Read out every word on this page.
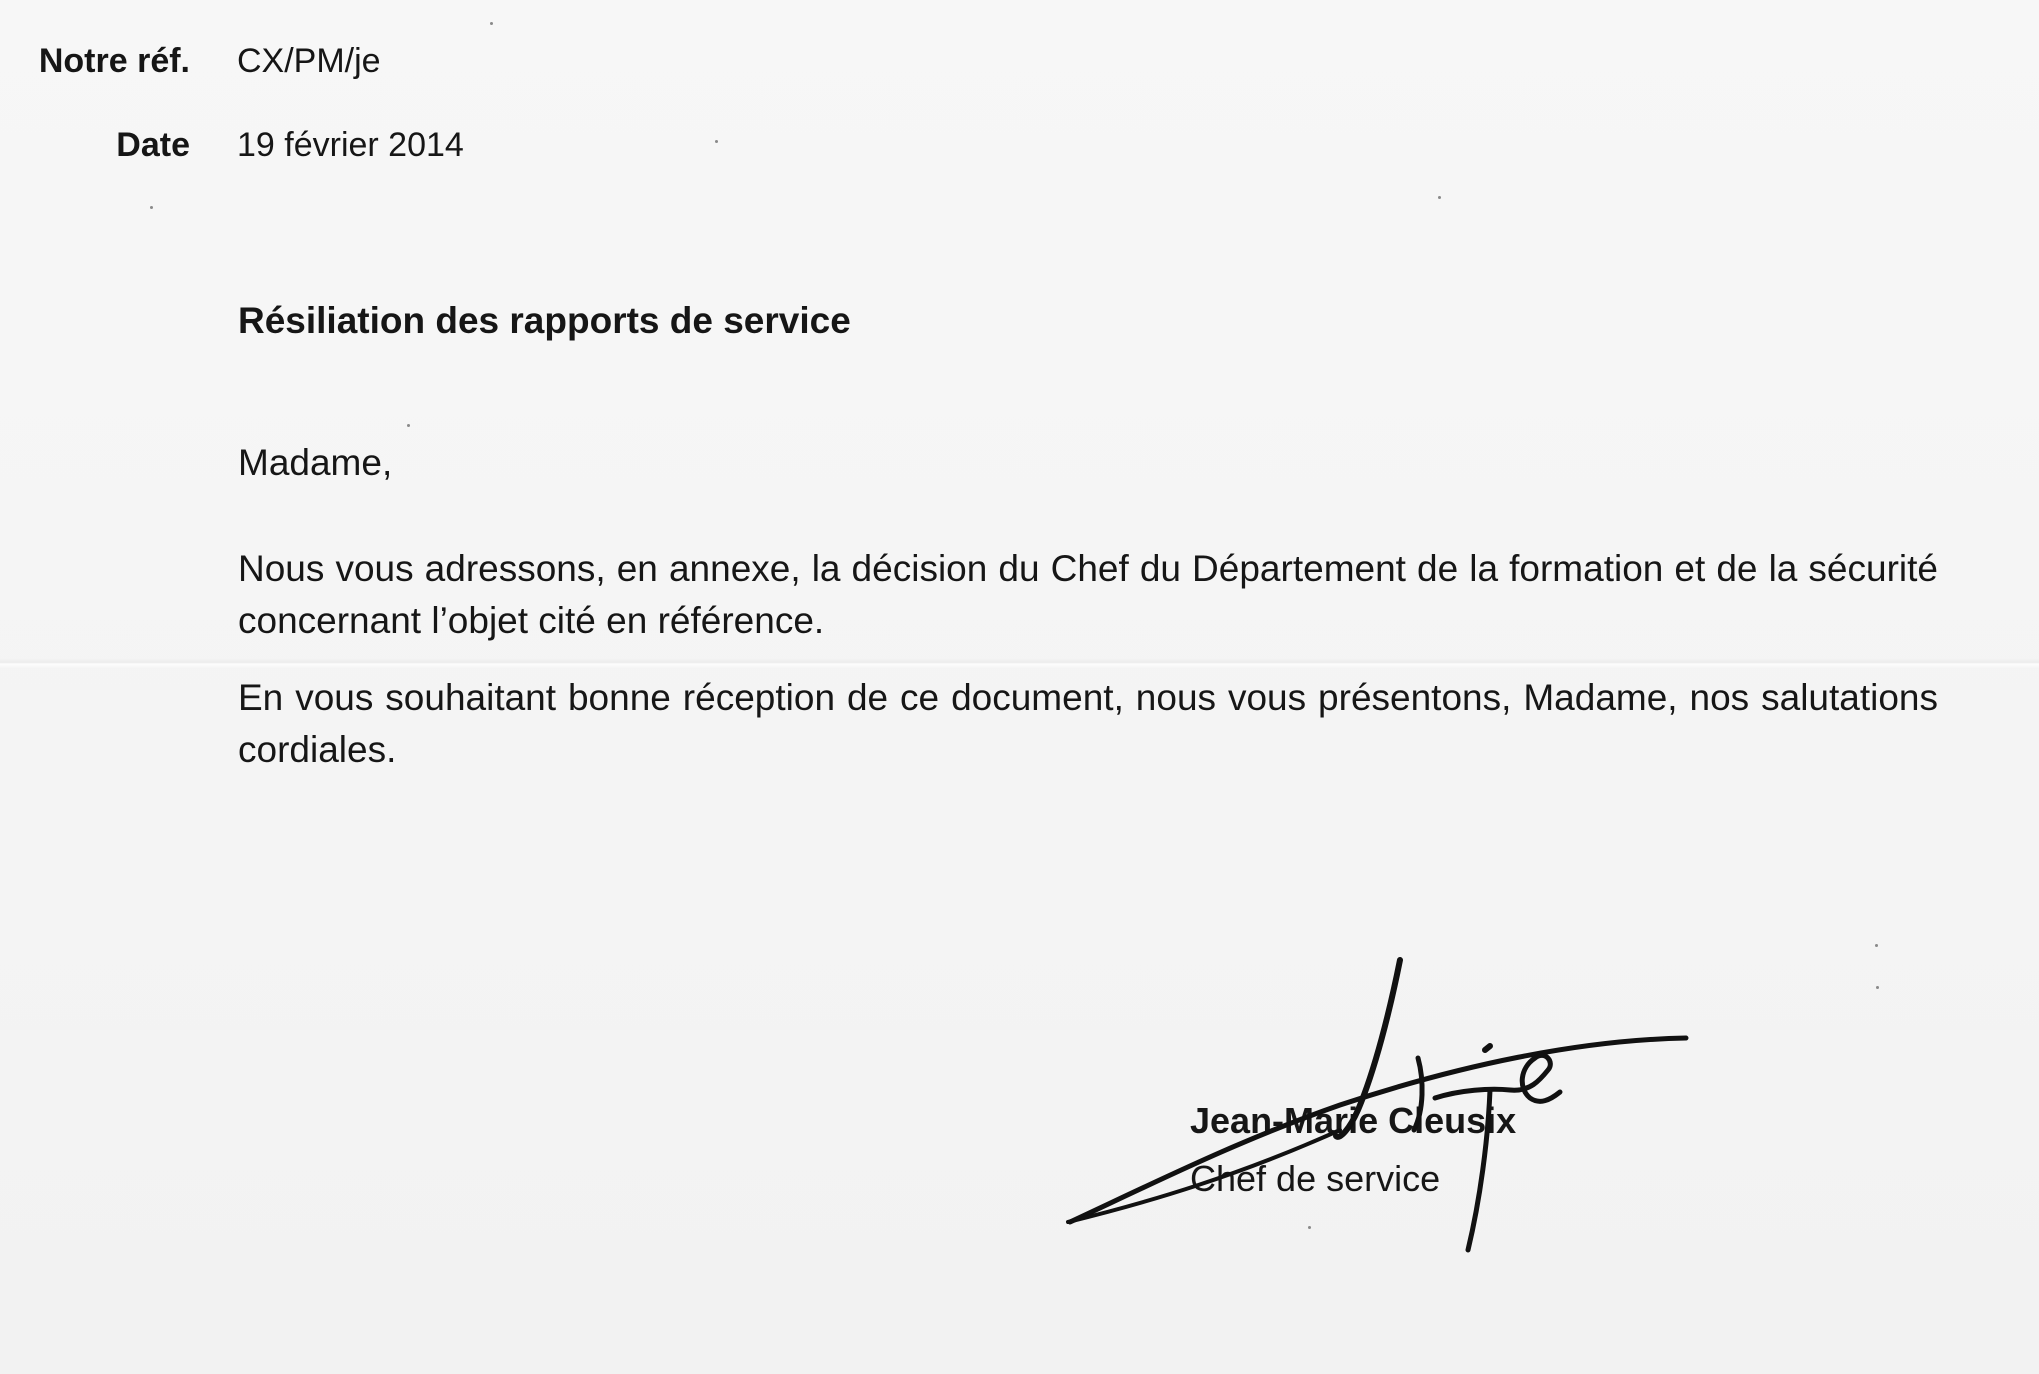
Notre réf. CX/PM/je
Date 19 février 2014
Résiliation des rapports de service
Madame,
Nous vous adressons, en annexe, la décision du Chef du Département de la formation et de la sécurité concernant l’objet cité en référence.
En vous souhaitant bonne réception de ce document, nous vous présentons, Madame, nos salutations cordiales.
Jean-Marie Cleusix
Chef de service
